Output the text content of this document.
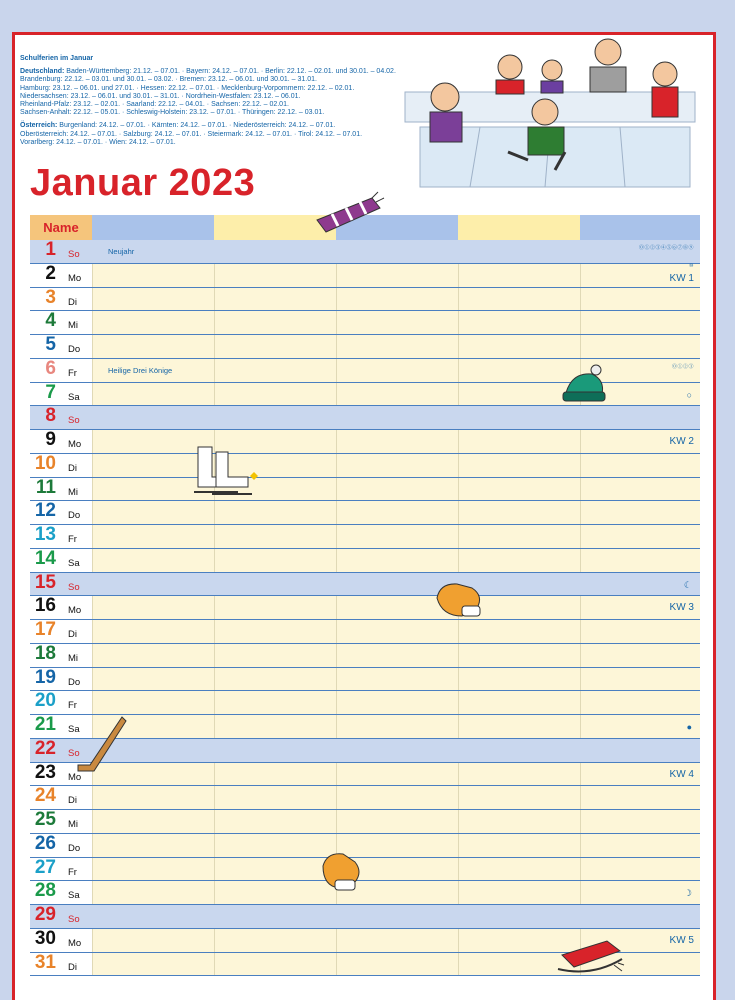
Schulferien im Januar
Deutschland: Baden-Württemberg: 21.12. – 07.01. · Bayern: 24.12. – 07.01. · Berlin: 22.12. – 02.01. und 30.01. – 04.02.
Brandenburg: 22.12. – 03.01. und 30.01. – 03.02. · Bremen: 23.12. – 06.01. und 30.01. – 31.01.
Hamburg: 23.12. – 06.01. und 27.01. · Hessen: 22.12. – 07.01. · Mecklenburg-Vorpommern: 22.12. – 02.01.
Niedersachsen: 23.12. – 06.01. und 30.01. – 31.01. · Nordrhein-Westfalen: 23.12. – 06.01.
Rheinland-Pfalz: 23.12. – 02.01. · Saarland: 22.12. – 04.01. · Sachsen: 22.12. – 02.01.
Sachsen-Anhalt: 22.12. – 05.01. · Schleswig-Holstein: 23.12. – 07.01. · Thüringen: 22.12. – 03.01.
Österreich: Burgenland: 24.12. – 07.01. · Kärnten: 24.12. – 07.01. · Niederösterreich: 24.12. – 07.01.
Oberösterreich: 24.12. – 07.01. · Salzburg: 24.12. – 07.01. · Steiermark: 24.12. – 07.01. · Tirol: 24.12. – 07.01.
Vorarlberg: 24.12. – 07.01. · Wien: 24.12. – 07.01.
Januar 2023
Name
1 So	Neujahr	⓪①②③④⑤⑥⑦⑧⑨
2 Mo	KW 1
⑩
3 Di
4 Mi
5 Do
6 Fr	Heilige Drei Könige	⓪①②③
7 Sa	○
8 So
9 Mo	KW 2
10 Di
11 Mi
12 Do
13 Fr
14 Sa
15 So	☾
16 Mo	KW 3
17 Di
18 Mi
19 Do
20 Fr
21 Sa	●
22 So
23 Mo	KW 4
24 Di
25 Mi
26 Do
27 Fr
28 Sa	☽
29 So
30 Mo	KW 5
31 Di
